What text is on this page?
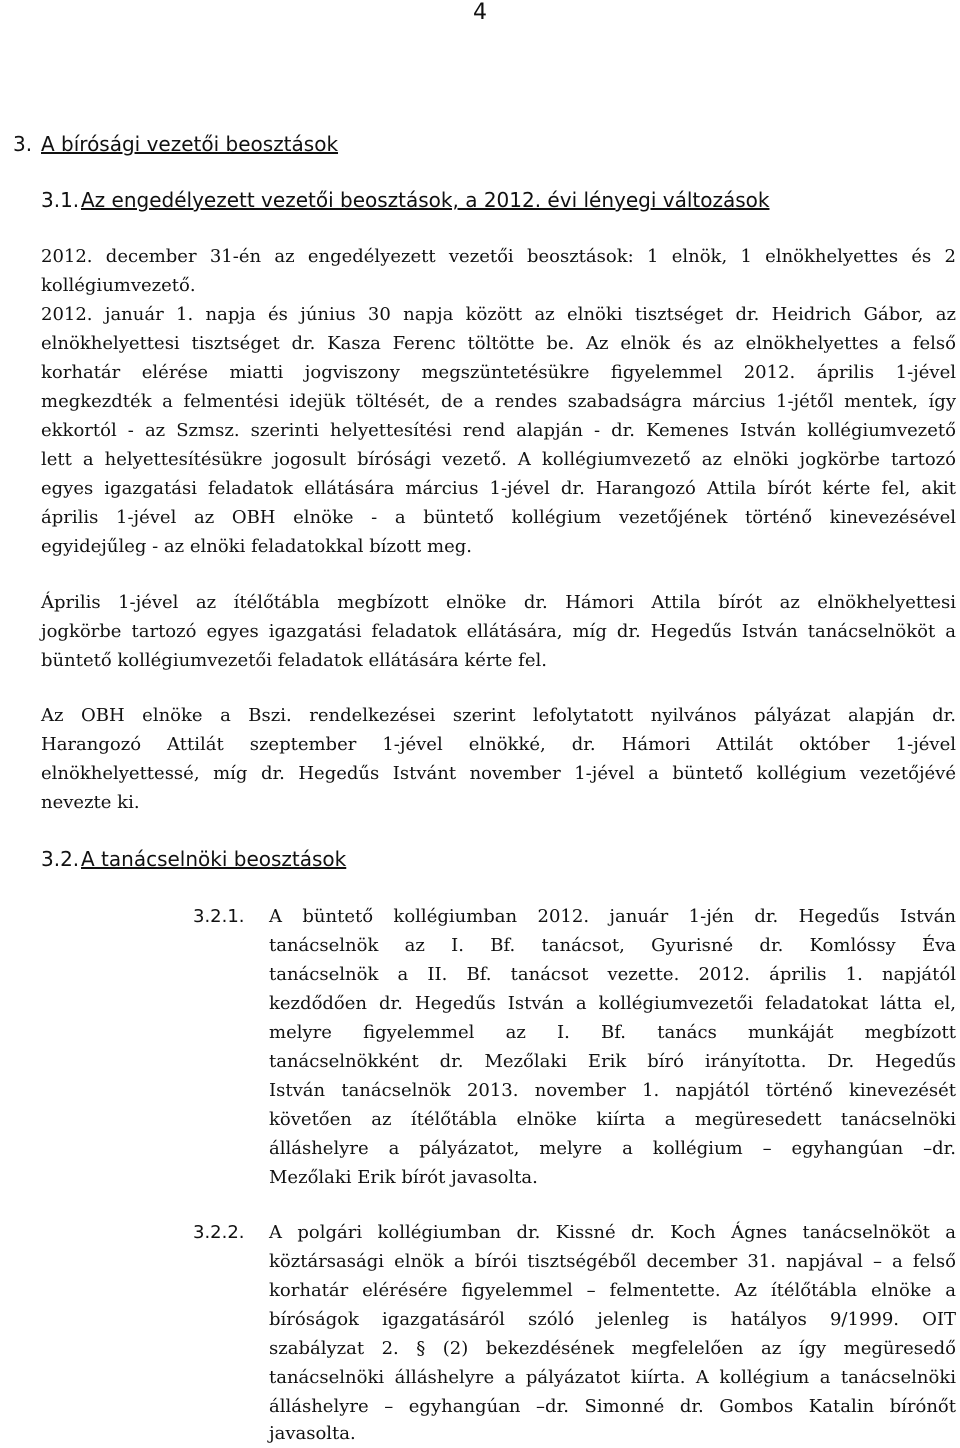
4
3. A bírósági vezetői beosztások
3.1.Az engedélyezett vezetői beosztások, a 2012. évi lényegi változások
2012. december 31-én az engedélyezett vezetői beosztások: 1 elnök, 1 elnökhelyettes és 2
kollégiumvezető.
2012. január 1. napja és június 30 napja között az elnöki tisztséget dr. Heidrich Gábor, az
elnökhelyettesi tisztséget dr. Kasza Ferenc töltötte be. Az elnök és az elnökhelyettes a felső
korhatár elérése miatti jogviszony megszüntetésükre figyelemmel 2012. április 1-jével
megkezdték a felmentési idejük töltését, de a rendes szabadságra március 1-jétől mentek, így
ekkortól - az Szmsz. szerinti helyettesítési rend alapján - dr. Kemenes István kollégiumvezető
lett a helyettesítésükre jogosult bírósági vezető. A kollégiumvezető az elnöki jogkörbe tartozó
egyes igazgatási feladatok ellátására március 1-jével dr. Harangozó Attila bírót kérte fel, akit
április 1-jével az OBH elnöke - a büntető kollégium vezetőjének történő kinevezésével
egyidejűleg - az elnöki feladatokkal bízott meg.
Április 1-jével az ítélőtábla megbízott elnöke dr. Hámori Attila bírót az elnökhelyettesi
jogkörbe tartozó egyes igazgatási feladatok ellátására, míg dr. Hegedűs István tanácselnököt a
büntető kollégiumvezetői feladatok ellátására kérte fel.
Az OBH elnöke a Bszi. rendelkezései szerint lefolytatott nyilvános pályázat alapján dr.
Harangozó Attilát szeptember 1-jével elnökké, dr. Hámori Attilát október 1-jével
elnökhelyettessé, míg dr. Hegedűs Istvánt november 1-jével a büntető kollégium vezetőjévé
nevezte ki.
3.2.A tanácselnöki beosztások
3.2.1. A büntető kollégiumban 2012. január 1-jén dr. Hegedűs István
tanácselnök az I. Bf. tanácsot, Gyurisné dr. Komlóssy Éva
tanácselnök a II. Bf. tanácsot vezette. 2012. április 1. napjától
kezdődően dr. Hegedűs István a kollégiumvezetői feladatokat látta el,
melyre figyelemmel az I. Bf. tanács munkáját megbízott
tanácselnökként dr. Mezőlaki Erik bíró irányította. Dr. Hegedűs
István tanácselnök 2013. november 1. napjától történő kinevezését
követően az ítélőtábla elnöke kiírta a megüresedett tanácselnöki
álláshelyre a pályázatot, melyre a kollégium – egyhangúan –dr.
Mezőlaki Erik bírót javasolta.
3.2.2. A polgári kollégiumban dr. Kissné dr. Koch Ágnes tanácselnököt a
köztársasági elnök a bírói tisztségéből december 31. napjával – a felső
korhatár elérésére figyelemmel – felmentette. Az ítélőtábla elnöke a
bíróságok igazgatásáról szóló jelenleg is hatályos 9/1999. OIT
szabályzat 2. § (2) bekezdésének megfelelően az így megüresedő
tanácselnöki álláshelyre a pályázatot kiírta. A kollégium a tanácselnöki
álláshelyre – egyhangúan –dr. Simonné dr. Gombos Katalin bírónőt
javasolta.
